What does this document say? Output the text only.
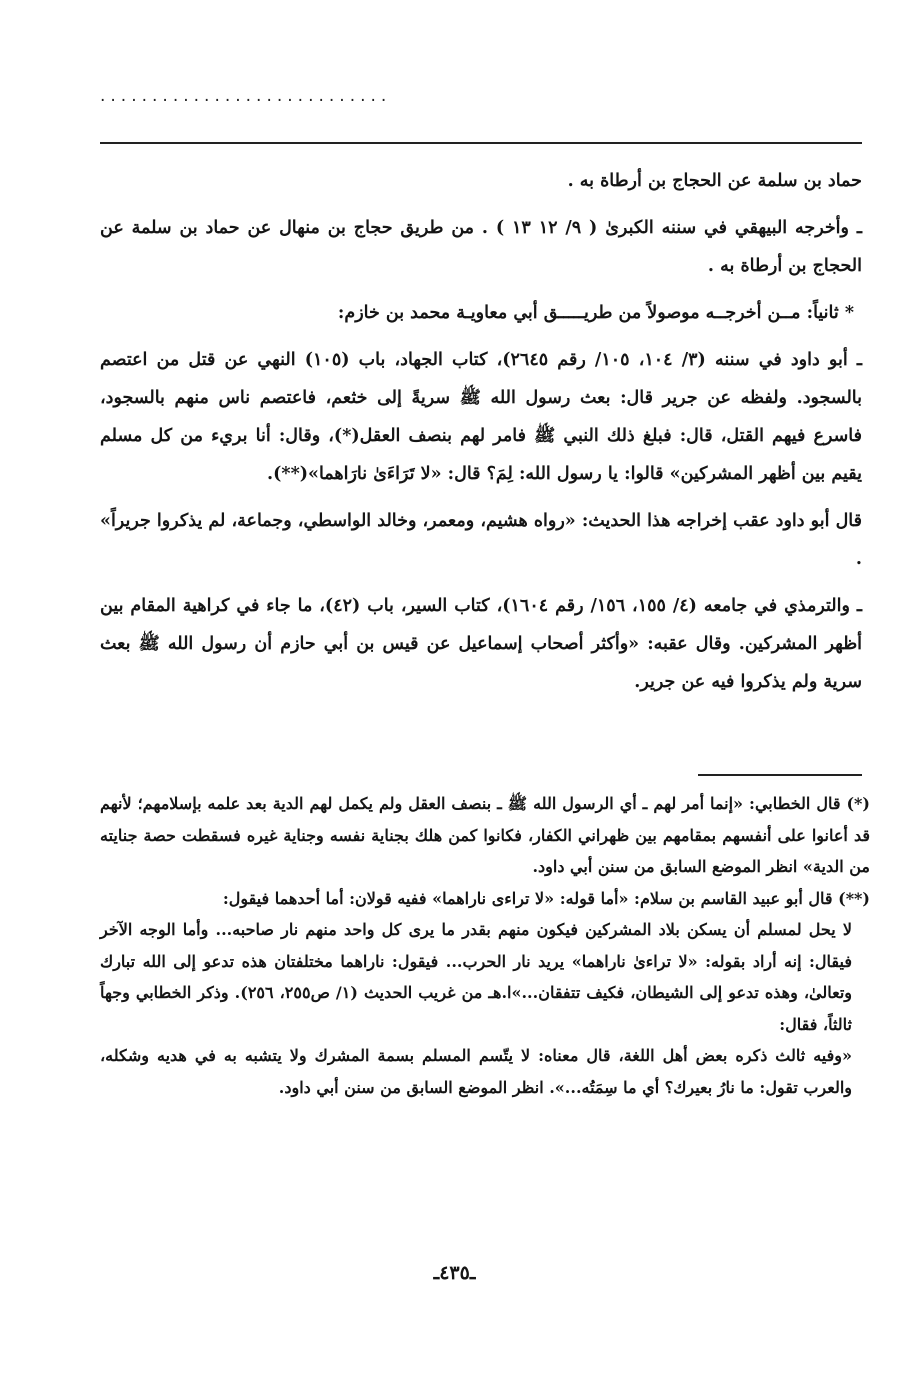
............................

حماد بن سلمة عن الحجاج بن أرطاة به .

ـ وأخرجه البيهقي في سننه الكبرىٰ ( ٩/ ١٢ ١٣ ) . من طريق حجاج بن منهال عن حماد بن سلمة عن الحجاج بن أرطاة به .

* ثانياً: مــن أخرجــه موصولاً من طريـــــق أبي معاويـة محمد بن خازم:

ـ أبو داود في سننه (٣/ ١٠٤، ١٠٥/ رقم ٢٦٤٥)، كتاب الجهاد، باب (١٠٥) النهي عن قتل من اعتصم بالسجود. ولفظه عن جرير قال: بعث رسول الله ﷺ سريةً إلى خثعم، فاعتصم ناس منهم بالسجود، فاسرع فيهم القتل، قال: فبلغ ذلك النبي ﷺ فامر لهم بنصف العقل(*)، وقال: أنا بريء من كل مسلم يقيم بين أظهر المشركين» قالوا: يا رسول الله: لِمَ؟ قال: «لا تَرَاءَىٰ نارَاهما»(**).

قال أبو داود عقب إخراجه هذا الحديث: «رواه هشيم، ومعمر، وخالد الواسطي، وجماعة، لم يذكروا جريراً» .

ـ والترمذي في جامعه (٤/ ١٥٥، ١٥٦/ رقم ١٦٠٤)، كتاب السير، باب (٤٢)، ما جاء في كراهية المقام بين أظهر المشركين. وقال عقبه: «وأكثر أصحاب إسماعيل عن قيس بن أبي حازم أن رسول الله ﷺ بعث سرية ولم يذكروا فيه عن جرير.

(*) قال الخطابي: «إنما أمر لهم ـ أي الرسول الله ﷺ ـ بنصف العقل ولم يكمل لهم الدية بعد علمه بإسلامهم؛ لأنهم قد أعانوا على أنفسهم بمقامهم بين ظهراني الكفار، فكانوا كمن هلك بجناية نفسه وجناية غيره فسقطت حصة جنايته من الدية» انظر الموضع السابق من سنن أبي داود.

(**) قال أبو عبيد القاسم بن سلام: «أما قوله: «لا تراءى ناراهما» ففيه قولان: أما أحدهما فيقول:

لا يحل لمسلم أن يسكن بلاد المشركين فيكون منهم بقدر ما يرى كل واحد منهم نار صاحبه... وأما الوجه الآخر فيقال: إنه أراد بقوله: «لا تراءىٰ ناراهما» يريد نار الحرب... فيقول: ناراهما مختلفتان هذه تدعو إلى الله تبارك وتعالىٰ، وهذه تدعو إلى الشيطان، فكيف تتفقان...»ا.هـ من غريب الحديث (١/ ص٢٥٥، ٢٥٦). وذكر الخطابي وجهاً ثالثاً، فقال:

«وفيه ثالث ذكره بعض أهل اللغة، قال معناه: لا يتّسم المسلم بسمة المشرك ولا يتشبه به في هديه وشكله، والعرب تقول: ما نارُ بعيرك؟ أي ما سِمَتُه...». انظر الموضع السابق من سنن أبي داود.

ـ٤٣٥ـ
